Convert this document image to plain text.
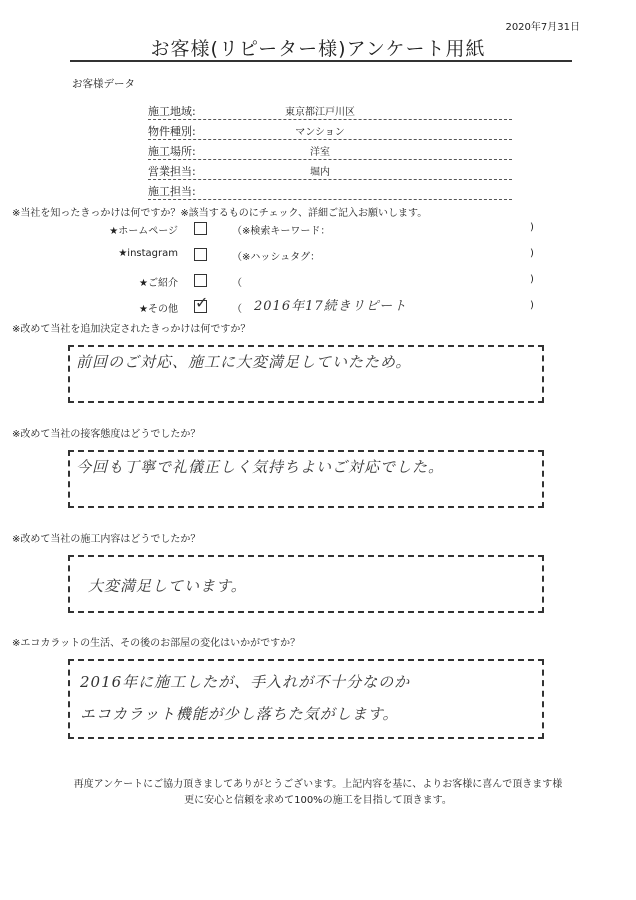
2020年7月31日
お客様(リピーター様)アンケート用紙
お客様データ
施工地域:	東京都江戸川区
物件種別:	マンション
施工場所:	洋室
営業担当:	堀内
施工担当:
※当社を知ったきっかけは何ですか？※該当するものにチェック、詳細ご記入お願いします。
★ホームページ	（※検索キーワード：	)
★instagram	（※ハッシュタグ：	)
★ご紹介	（	)
★その他 ✓ （ 2016年17続きリピート	)
※改めて当社を追加決定されたきっかけは何ですか？
前回のご対応、施工に大変満足していたため。
※改めて当社の接客態度はどうでしたか？
今回も丁寧で礼儀正しく気持ちよいご対応でした。
※改めて当社の施工内容はどうでしたか？
大変満足しています。
※エコカラットの生活、その後のお部屋の変化はいかがですか？
2016年に施工したが、手入れが不十分なのか
エコカラット機能が少し落ちた気がします。
再度アンケートにご協力頂きましてありがとうございます。上記内容を基に、よりお客様に喜んで頂きます様
更に安心と信頼を求めて100%の施工を目指して頂きます。
